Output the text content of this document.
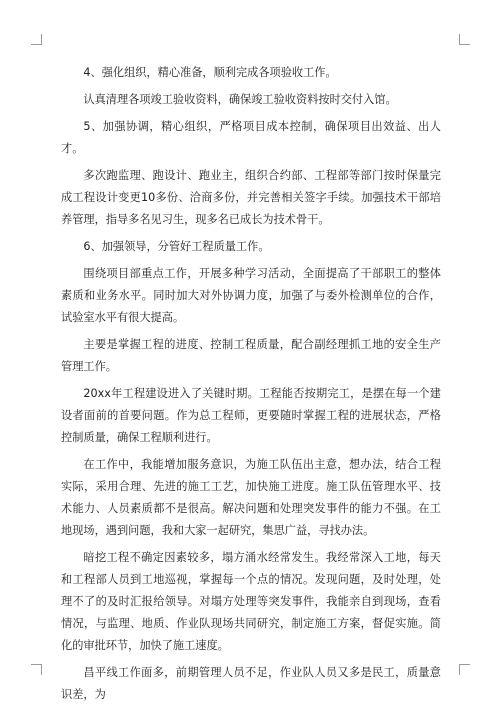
4、强化组织，精心准备，顺利完成各项验收工作。

认真清理各项竣工验收资料，确保竣工验收资料按时交付入馆。

5、加强协调，精心组织，严格项目成本控制，确保项目出效益、出人才。

多次跑监理、跑设计、跑业主，组织合约部、工程部等部门按时保量完成工程设计变更10多份、洽商多份，并完善相关签字手续。加强技术干部培养管理，指导多名见习生，现多名已成长为技术骨干。

6、加强领导，分管好工程质量工作。

围绕项目部重点工作，开展多种学习活动，全面提高了干部职工的整体素质和业务水平。同时加大对外协调力度，加强了与委外检测单位的合作，试验室水平有很大提高。

主要是掌握工程的进度、控制工程质量，配合副经理抓工地的安全生产管理工作。

20xx年工程建设进入了关键时期。工程能否按期完工，是摆在每一个建设者面前的首要问题。作为总工程师，更要随时掌握工程的进展状态，严格控制质量，确保工程顺利进行。

在工作中，我能增加服务意识，为施工队伍出主意，想办法，结合工程实际，采用合理、先进的施工工艺，加快施工进度。施工队伍管理水平、技术能力、人员素质都不是很高。解决问题和处理突发事件的能力不强。在工地现场，遇到问题，我和大家一起研究，集思广益，寻找办法。

暗挖工程不确定因素较多，塌方涌水经常发生。我经常深入工地，每天和工程部人员到工地巡视，掌握每一个点的情况。发现问题，及时处理，处理不了的及时汇报给领导。对塌方处理等突发事件，我能亲自到现场，查看情况，与监理、地质、作业队现场共同研究，制定施工方案，督促实施。简化的审批环节，加快了施工速度。

昌平线工作面多，前期管理人员不足，作业队人员又多是民工，质量意识差，为
